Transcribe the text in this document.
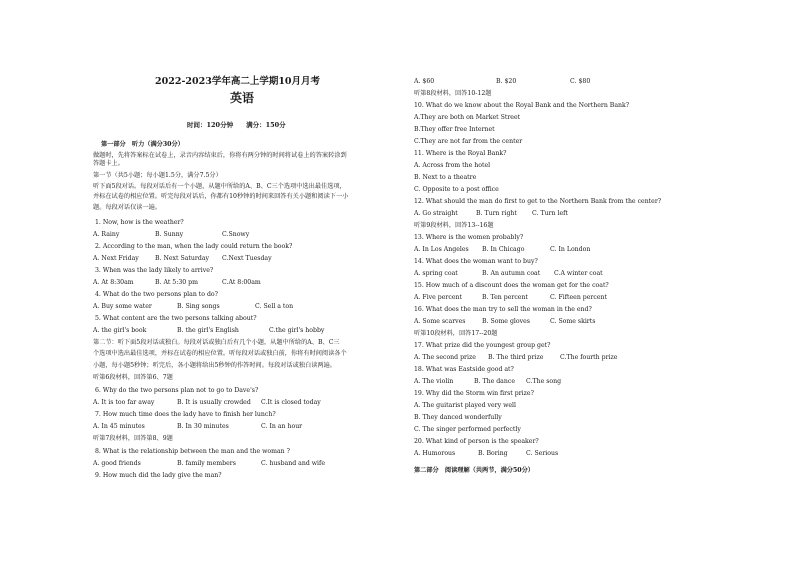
2022-2023学年高二上学期10月月考
英语
时间：120分钟　　满分：150分
第一部分　听力（满分30分）
做题时，先将答案标在试卷上，录音内容结束后，你将有两分钟的时间将试卷上的答案转涂到
答题卡上。
第一节（共5小题；每小题1.5分，满分7.5分）
听下面5段对话。每段对话后有一个小题，从题中所给的A、B、C三个选项中选出最佳选项，
并标在试卷的相应位置。听完每段对话后，你都有10秒钟的时间来回答有关小题和阅读下一小
题。每段对话仅读一遍。
1. Now, how is the weather?
A. Rainy	B. Sunny	C.Snowy
2. According to the man, when the lady could return the book?
A. Next Friday	B. Next Saturday C.Next Tuesday
3. When was the lady likely to arrive?
A. At 8:30am	B. At 5:30 pm	C.At 8:00am
4. What do the two persons plan to do?
A. Buy some water	B. Sing songs	C. Sell a ton
5. What content are the two persons talking about?
A. the girl's book	B. the girl's English	C.the girl's hobby
第二节：听下面5段对话或独白。每段对话或独白后有几个小题，从题中所给的A、B、C三
个选项中选出最佳选项，并标在试卷的相应位置。听每段对话或独白前，你将有时间阅读各个
小题，每小题5秒钟；听完后，各小题将给出5秒钟的作答时间。每段对话或独白读两遍。
听第6段材料，回答第6、7题
6. Why do the two persons plan not to go to Dave's?
A. It is too far away	B. It is usually crowded C.It is closed today
7. How much time does the lady have to finish her lunch?
A. In 45 minutes	B. In 30 minutes	C. In an hour
听第7段材料，回答第8、9题
8. What is the relationship between the man and the woman ?
A. good friends	B. family members	C. husband and wife
9. How much did the lady give the man?
A. $60	B. $20	C. $80
听第8段材料，回答10-12题
10. What do we know about the Royal Bank and the Northern Bank?
A.They are both on Market Street
B.They offer free Internet
C.They are not far from the center
11. Where is the Royal Bank?
A. Across from the hotel
B. Next to a theatre
C. Opposite to a post office
12. What should the man do first to get to the Northern Bank from the center?
A. Go straight	B. Turn right C. Turn left
听第9段材料，回答13--16题
13. Where is the women probably?
A. In Los Angeles B. In Chicago	C. In London
14. What does the woman want to buy?
A. spring coat	B. An autumn coat C.A winter coat
15. How much of a discount does the woman get for the coat?
A. Five percent	B. Ten percent	C. Fifteen percent
16. What does the man try to sell the woman in the end?
A. Some scarves	B. Some gloves	C. Some skirts
听第10段材料，回答17--20题
17. What prize did the youngest group get?
A. The second prize B. The third prize	C.The fourth prize
18. What was Eastside good at?
A. The violin	B. The dance C.The song
19. Why did the Storm win first prize?
A. The guitarist played very well
B. They danced wonderfully
C. The singer performed perfectly
20. What kind of person is the speaker?
A. Humorous	B. Boring	C. Serious
第二部分　阅读理解（共两节，满分50分）
